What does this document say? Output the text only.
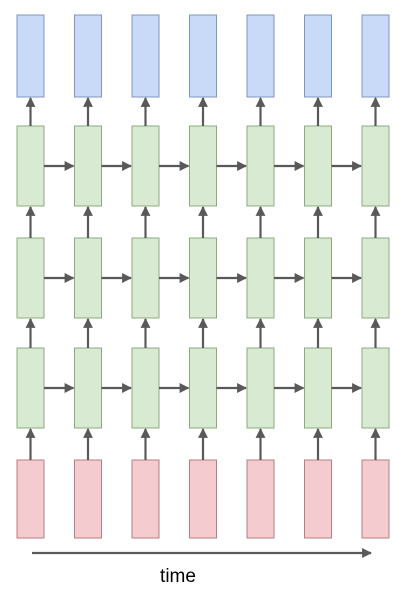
time
